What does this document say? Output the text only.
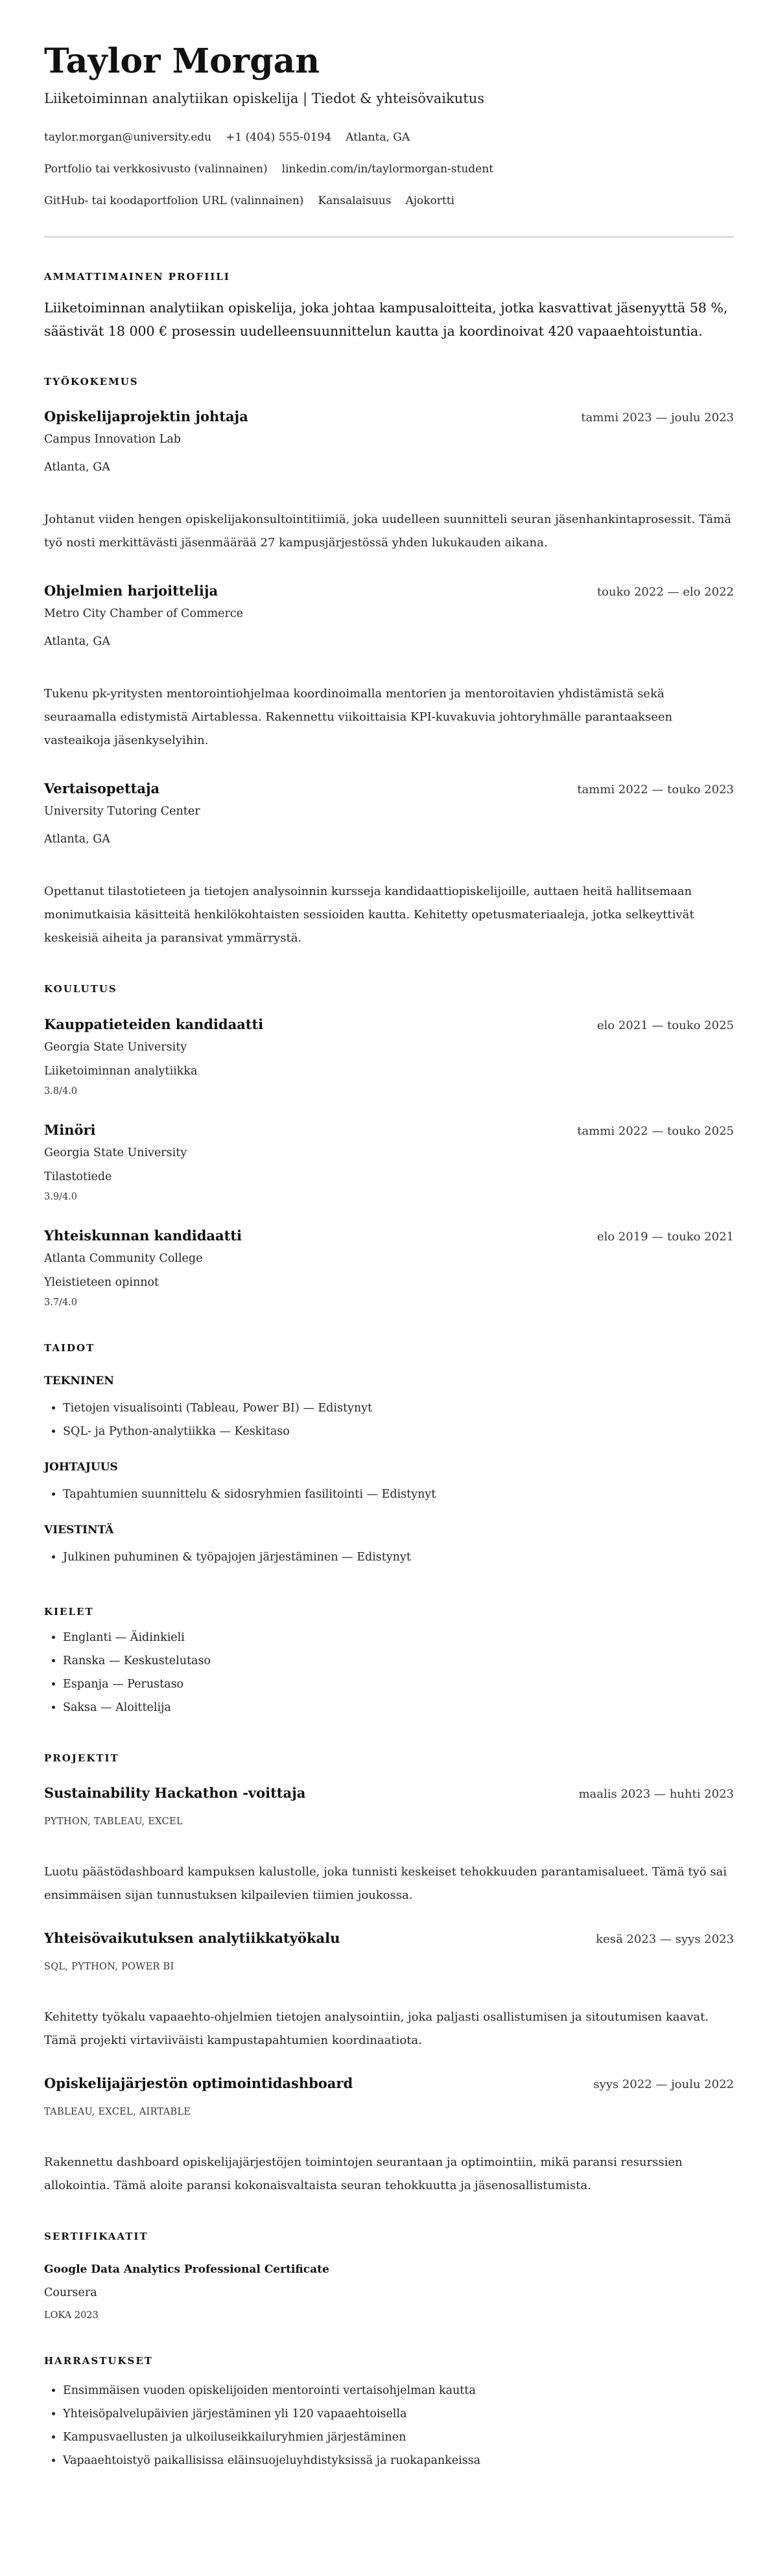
Taylor Morgan
Liiketoiminnan analytiikan opiskelija | Tiedot & yhteisövaikutus
taylor.morgan@university.edu +1 (404) 555-0194 Atlanta, GA
Portfolio tai verkkosivusto (valinnainen) linkedin.com/in/taylormorgan-student
GitHub- tai koodaportfolion URL (valinnainen) Kansalaisuus Ajokortti
AMMATTIMAINEN PROFIILI

Liiketoiminnan analytiikan opiskelija, joka johtaa kampusaloitteita, jotka kasvattivat jäsenyyttä 58 %, säästivät 18 000 € prosessin uudelleensuunnittelun kautta ja koordinoivat 420 vapaaehtoistuntia.

TYÖKOKEMUS
Opiskelijaprojektin johtaja	tammi 2023 — joulu 2023
Campus Innovation Lab
Atlanta, GA
Johtanut viiden hengen opiskelijakonsultointitiimiä, joka uudelleen suunnitteli seuran jäsenhankintaprosessit. Tämä työ nosti merkittävästi jäsenmäärää 27 kampusjärjestössä yhden lukukauden aikana.
Ohjelmien harjoittelija	touko 2022 — elo 2022
Metro City Chamber of Commerce
Atlanta, GA
Tukenu pk-yritysten mentorointiohjelmaa koordinoimalla mentorien ja mentoroitavien yhdistämistä sekä seuraamalla edistymistä Airtablessa. Rakennettu viikoittaisia KPI-kuvakuvia johtoryhmälle parantaakseen vasteaikoja jäsenkyselyihin.
Vertaisopettaja	tammi 2022 — touko 2023
University Tutoring Center
Atlanta, GA
Opettanut tilastotieteen ja tietojen analysoinnin kursseja kandidaattiopiskelijoille, auttaen heitä hallitsemaan monimutkaisia käsitteitä henkilökohtaisten sessioiden kautta. Kehitetty opetusmateriaaleja, jotka selkeyttivät keskeisiä aiheita ja paransivat ymmärrystä.
KOULUTUS
Kauppatieteiden kandidaatti	elo 2021 — touko 2025
Georgia State University
Liiketoiminnan analytiikka
3.8/4.0
Minöri	tammi 2022 — touko 2025
Georgia State University
Tilastotiede
3.9/4.0
Yhteiskunnan kandidaatti	elo 2019 — touko 2021
Atlanta Community College
Yleistieteen opinnot
3.7/4.0
TAIDOT
TEKNINEN
• Tietojen visualisointi (Tableau, Power BI) — Edistynyt
• SQL- ja Python-analytiikka — Keskitaso
JOHTAJUUS
• Tapahtumien suunnittelu & sidosryhmien fasilitointi — Edistynyt
VIESTINTÄ
• Julkinen puhuminen & työpajojen järjestäminen — Edistynyt
KIELET
• Englanti — Äidinkieli
• Ranska — Keskustelutaso
• Espanja — Perustaso
• Saksa — Aloittelija
PROJEKTIT
Sustainability Hackathon -voittaja	maalis 2023 — huhti 2023
PYTHON, TABLEAU, EXCEL
Luotu päästödashboard kampuksen kalustolle, joka tunnisti keskeiset tehokkuuden parantamisalueet. Tämä työ sai ensimmäisen sijan tunnustuksen kilpailevien tiimien joukossa.
Yhteisövaikutuksen analytiikkatyökalu	kesä 2023 — syys 2023
SQL, PYTHON, POWER BI
Kehitetty työkalu vapaaehto-ohjelmien tietojen analysointiin, joka paljasti osallistumisen ja sitoutumisen kaavat. Tämä projekti virtaviiväisti kampustapahtumien koordinaatiota.
Opiskelijajärjestön optimointidashboard	syys 2022 — joulu 2022
TABLEAU, EXCEL, AIRTABLE
Rakennettu dashboard opiskelijajärjestöjen toimintojen seurantaan ja optimointiin, mikä paransi resurssien allokointia. Tämä aloite paransi kokonaisvaltaista seuran tehokkuutta ja jäsenosallistumista.
SERTIFIKAATIT
Google Data Analytics Professional Certificate
Coursera
LOKA 2023
HARRASTUKSET
• Ensimmäisen vuoden opiskelijoiden mentorointi vertaisohjelman kautta
• Yhteisöpalvelupäivien järjestäminen yli 120 vapaaehtoisella
• Kampusvaellusten ja ulkoiluseikkailuryhmien järjestäminen
• Vapaaehtoistyö paikallisissa eläinsuojeluyhdistyksissä ja ruokapankeissa
